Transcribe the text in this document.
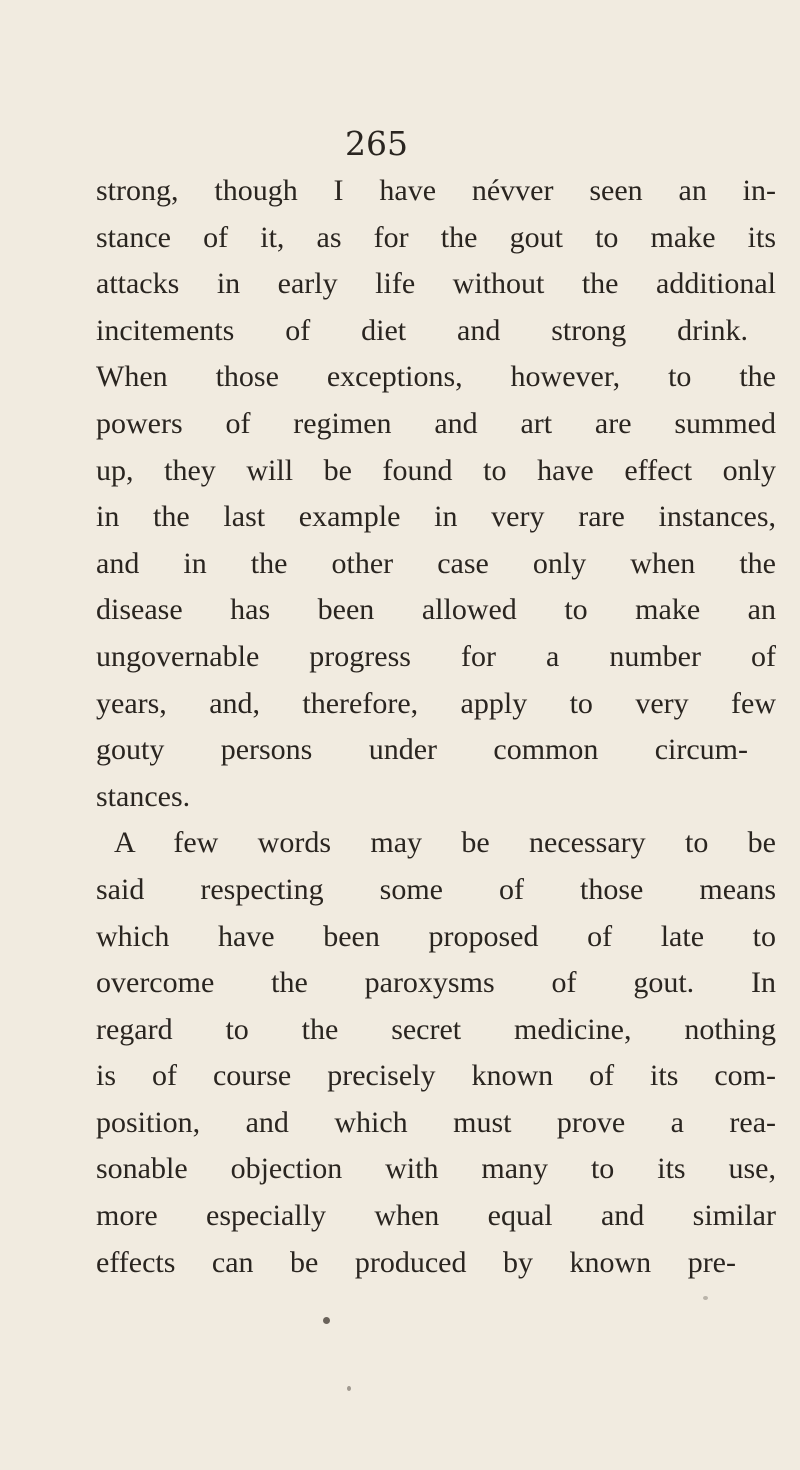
265
strong, though I have névver seen an in-
stance of it, as for the gout to make its
attacks in early life without the additional
incitements of diet and strong drink.
When those exceptions, however, to the
powers of regimen and art are summed
up, they will be found to have effect only
in the last example in very rare instances,
and in the other case only when the
disease has been allowed to make an
ungovernable progress for a number of
years, and, therefore, apply to very few
gouty persons under common circum-
stances.
A few words may be necessary to be
said respecting some of those means
which have been proposed of late to
overcome the paroxysms of gout. In
regard to the secret medicine, nothing
is of course precisely known of its com-
position, and which must prove a rea-
sonable objection with many to its use,
more especially when equal and similar
effects can be produced by known pre-
